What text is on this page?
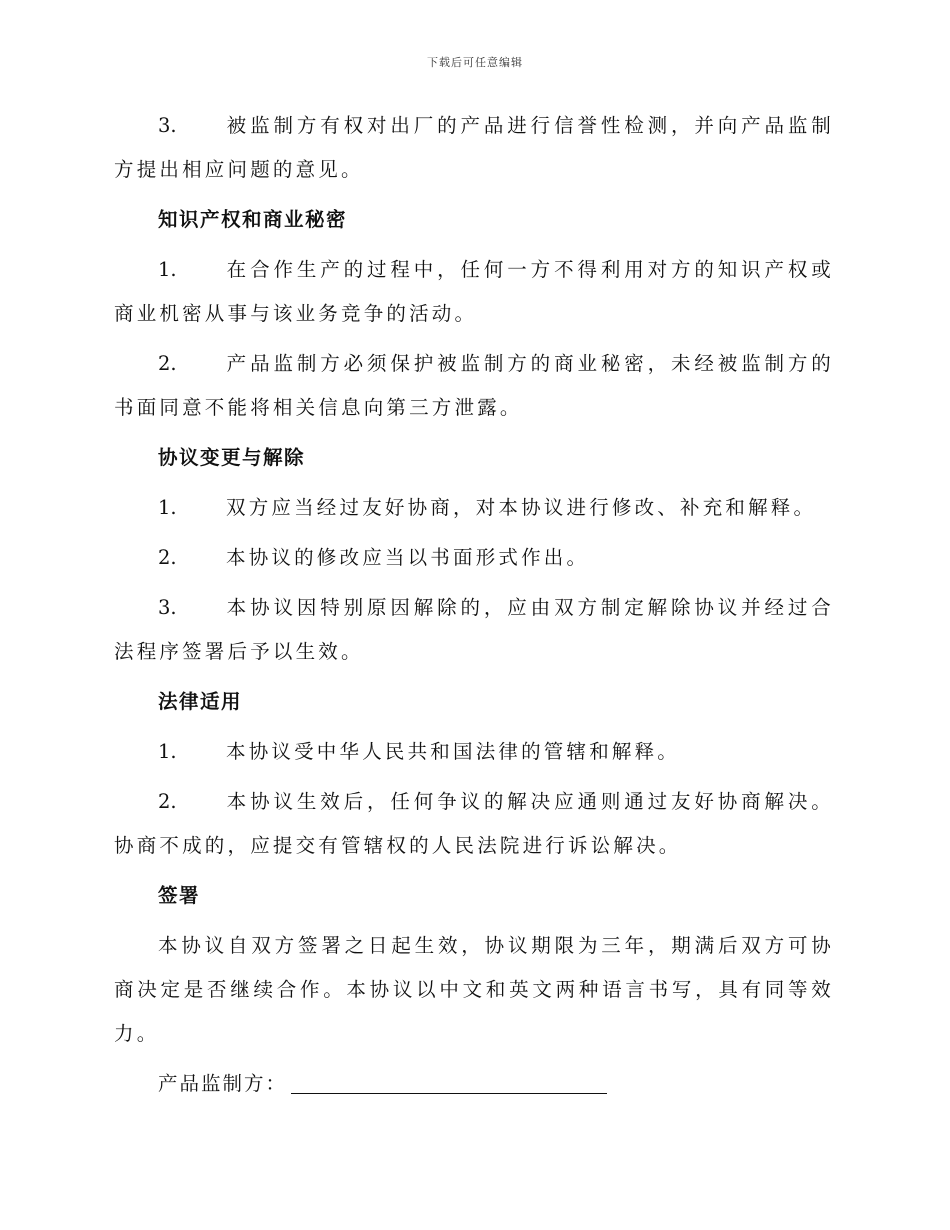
下载后可任意编辑
3.	被监制方有权对出厂的产品进行信誉性检测，并向产品监制方提出相应问题的意见。
知识产权和商业秘密
1.	在合作生产的过程中，任何一方不得利用对方的知识产权或商业机密从事与该业务竞争的活动。
2.	产品监制方必须保护被监制方的商业秘密，未经被监制方的书面同意不能将相关信息向第三方泄露。
协议变更与解除
1.	双方应当经过友好协商，对本协议进行修改、补充和解释。
2.	本协议的修改应当以书面形式作出。
3.	本协议因特别原因解除的，应由双方制定解除协议并经过合法程序签署后予以生效。
法律适用
1.	本协议受中华人民共和国法律的管辖和解释。
2.	本协议生效后，任何争议的解决应通则通过友好协商解决。协商不成的，应提交有管辖权的人民法院进行诉讼解决。
签署
本协议自双方签署之日起生效，协议期限为三年，期满后双方可协商决定是否继续合作。本协议以中文和英文两种语言书写，具有同等效力。
产品监制方：
